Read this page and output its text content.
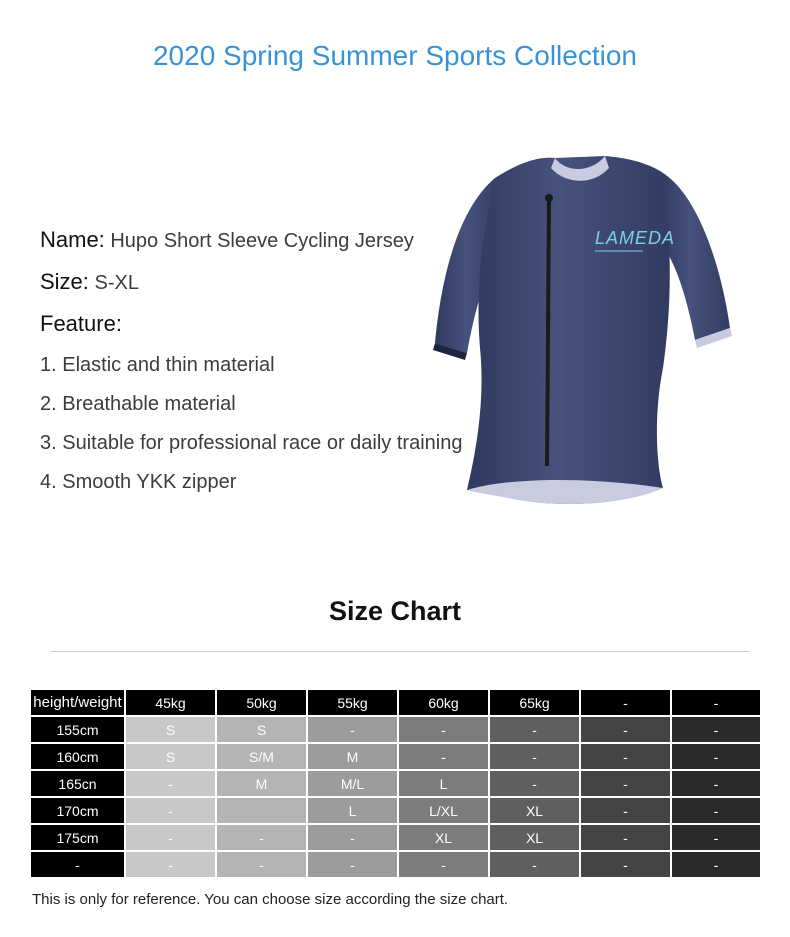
2020 Spring Summer Sports Collection
Name: Hupo Short Sleeve Cycling Jersey
Size: S-XL
Feature:
1. Elastic and thin material
2. Breathable material
3. Suitable for professional race or daily training
4. Smooth YKK zipper
LAMEDA
Size Chart
height/weight	45kg	50kg	55kg	60kg	65kg	-	-
155cm	S	S	-	-	-	-	-
160cm	S	S/M	M	-	-	-	-
165cn	-	M	M/L	L	-	-	-
170cm	-		L	L/XL	XL	-	-
175cm	-	-	-	XL	XL	-	-
-	-	-	-	-	-	-	-
This is only for reference. You can choose size according the size chart.
